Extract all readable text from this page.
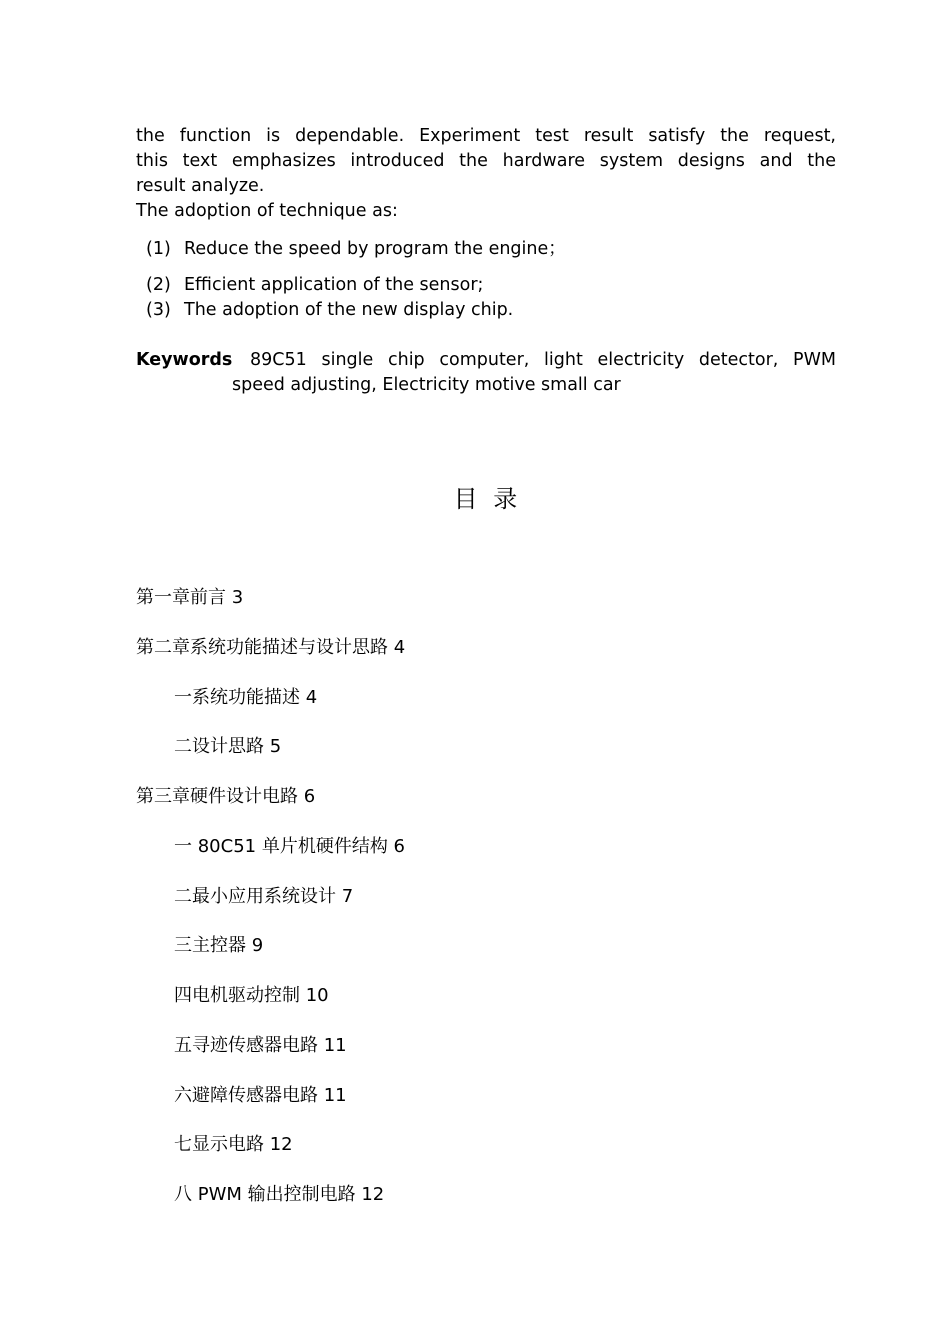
the function is dependable. Experiment test result satisfy the request,
this text emphasizes introduced the hardware system designs and the
result analyze.
The adoption of technique as:
(1) Reduce the speed by program the engine；
(2) Efficient application of the sensor;
(3) The adoption of the new display chip.
Keywords 89C51 single chip computer, light electricity detector, PWM
speed adjusting, Electricity motive small car
目 录
第一章前言 3
第二章系统功能描述与设计思路 4
一系统功能描述 4
二设计思路 5
第三章硬件设计电路 6
一 80C51 单片机硬件结构 6
二最小应用系统设计 7
三主控器 9
四电机驱动控制 10
五寻迹传感器电路 11
六避障传感器电路 11
七显示电路 12
八 PWM 输出控制电路 12
